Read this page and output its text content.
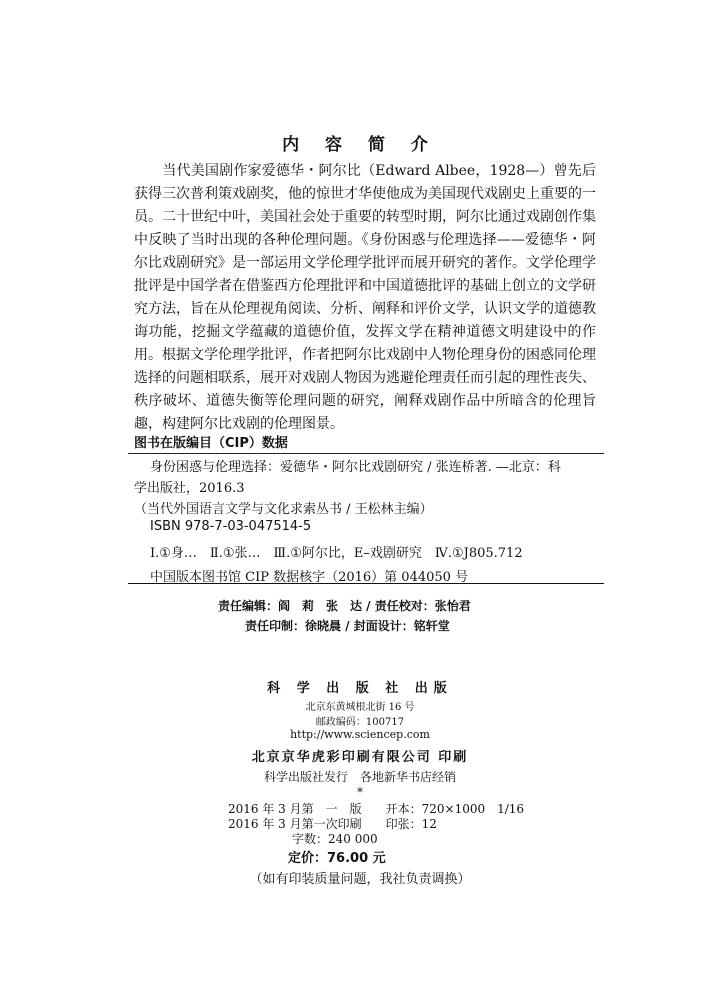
内 容 简 介

　　当代美国剧作家爱德华・阿尔比（Edward Albee，1928—）曾先后获得三次普利策戏剧奖，他的惊世才华使他成为美国现代戏剧史上重要的一员。二十世纪中叶，美国社会处于重要的转型时期，阿尔比通过戏剧创作集中反映了当时出现的各种伦理问题。《身份困惑与伦理选择——爱德华・阿尔比戏剧研究》是一部运用文学伦理学批评而展开研究的著作。文学伦理学批评是中国学者在借鉴西方伦理批评和中国道德批评的基础上创立的文学研究方法，旨在从伦理视角阅读、分析、阐释和评价文学，认识文学的道德教诲功能，挖掘文学蕴藏的道德价值，发挥文学在精神道德文明建设中的作用。根据文学伦理学批评，作者把阿尔比戏剧中人物伦理身份的困惑同伦理选择的问题相联系，展开对戏剧人物因为逃避伦理责任而引起的理性丧失、秩序破坏、道德失衡等伦理问题的研究，阐释戏剧作品中所暗含的伦理旨趣，构建阿尔比戏剧的伦理图景。

图书在版编目（CIP）数据
身份困惑与伦理选择：爱德华・阿尔比戏剧研究 / 张连桥著. —北京：科
学出版社，2016.3
（当代外国语言文学与文化求索丛书 / 王松林主编）
ISBN 978-7-03-047514-5
Ⅰ.①身…　Ⅱ.①张…　Ⅲ.①阿尔比，E–戏剧研究　Ⅳ.①J805.712
中国版本图书馆 CIP 数据核字（2016）第 044050 号
责任编辑：阎　莉　张　达 / 责任校对：张怡君
责任印制：徐晓晨 / 封面设计：铭轩堂
科 学 出 版 社 出版
北京东黄城根北街 16 号
邮政编码：100717
http://www.sciencep.com
北京京华虎彩印刷有限公司 印刷
科学出版社发行　各地新华书店经销
*
2016 年 3 月第　一　版　　开本：720×1000　1/16
2016 年 3 月第一次印刷　　印张：12
字数：240 000
定价：76.00 元
（如有印装质量问题，我社负责调换）
